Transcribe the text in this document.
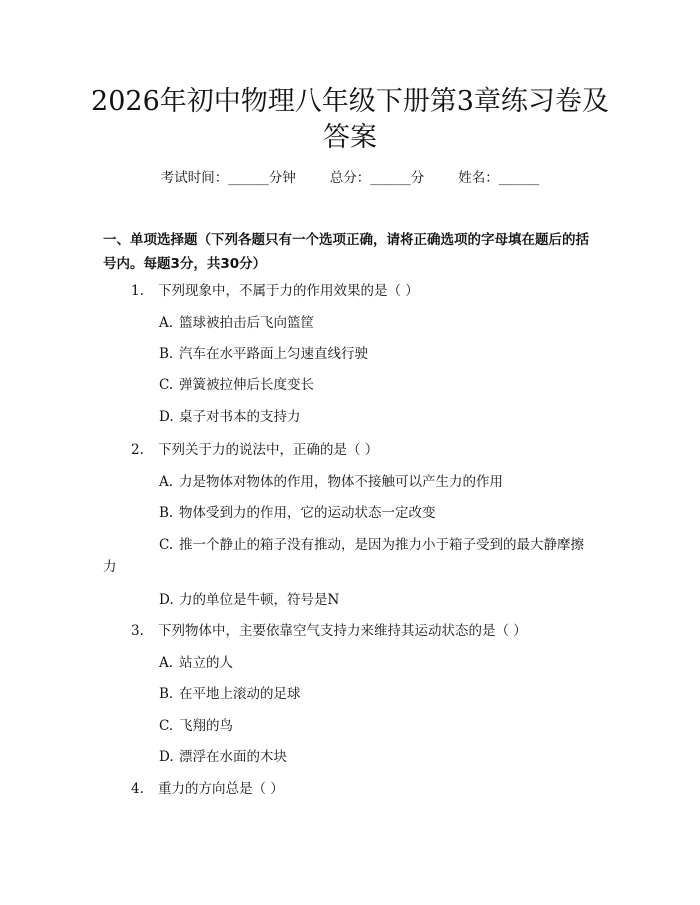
2026年初中物理八年级下册第3章练习卷及
答案
考试时间：______分钟	总分：______分	姓名：______
一、单项选择题（下列各题只有一个选项正确，请将正确选项的字母填在题后的括号内。每题3分，共30分）
1. 下列现象中，不属于力的作用效果的是（ ）
A. 篮球被拍击后飞向篮筐
B. 汽车在水平路面上匀速直线行驶
C. 弹簧被拉伸后长度变长
D. 桌子对书本的支持力
2. 下列关于力的说法中，正确的是（ ）
A. 力是物体对物体的作用，物体不接触可以产生力的作用
B. 物体受到力的作用，它的运动状态一定改变
C. 推一个静止的箱子没有推动，是因为推力小于箱子受到的最大静摩擦
力
D. 力的单位是牛顿，符号是N
3. 下列物体中，主要依靠空气支持力来维持其运动状态的是（ ）
A. 站立的人
B. 在平地上滚动的足球
C. 飞翔的鸟
D. 漂浮在水面的木块
4. 重力的方向总是（ ）
